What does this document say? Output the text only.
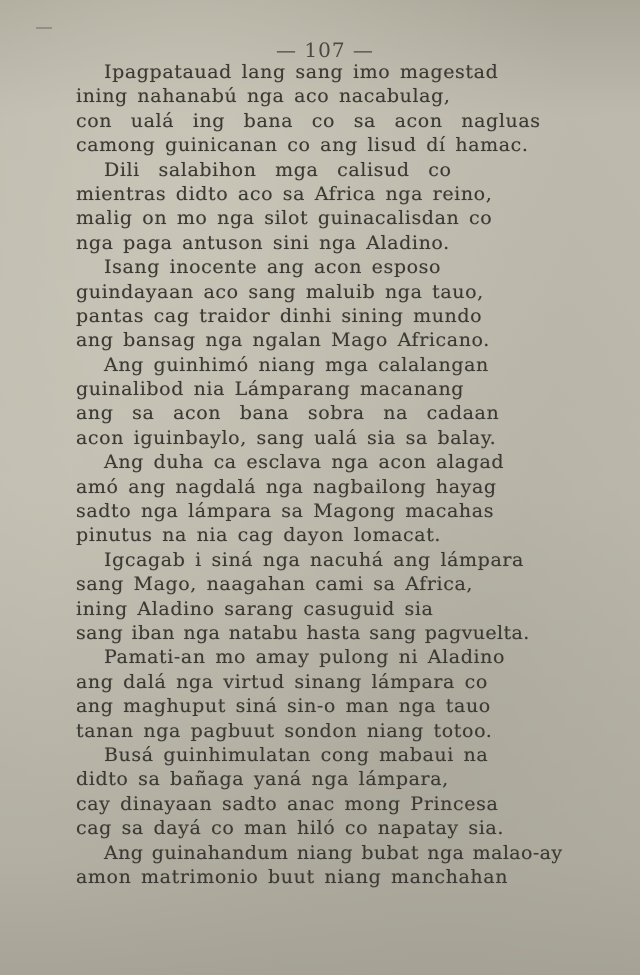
— 107 —
Ipagpatauad lang sang imo magestad
ining nahanabú nga aco nacabulag,
con ualá ing bana co sa acon nagluas
camong guinicanan co ang lisud dí hamac.
Dili salabihon mga calisud co
mientras didto aco sa Africa nga reino,
malig on mo nga silot guinacalisdan co
nga paga antuson sini nga Aladino.
Isang inocente ang acon esposo
guindayaan aco sang maluib nga tauo,
pantas cag traidor dinhi sining mundo
ang bansag nga ngalan Mago Africano.
Ang guinhimó niang mga calalangan
guinalibod nia Lámparang macanang
ang sa acon bana sobra na cadaan
acon iguinbaylo, sang ualá sia sa balay.
Ang duha ca esclava nga acon alagad
amó ang nagdalá nga nagbailong hayag
sadto nga lámpara sa Magong macahas
pinutus na nia cag dayon lomacat.
Igcagab i siná nga nacuhá ang lámpara
sang Mago, naagahan cami sa Africa,
ining Aladino sarang casuguid sia
sang iban nga natabu hasta sang pagvuelta.
Pamati-an mo amay pulong ni Aladino
ang dalá nga virtud sinang lámpara co
ang maghuput siná sin-o man nga tauo
tanan nga pagbuut sondon niang totoo.
Busá guinhimulatan cong mabaui na
didto sa bañaga yaná nga lámpara,
cay dinayaan sadto anac mong Princesa
cag sa dayá co man hiló co napatay sia.
Ang guinahandum niang bubat nga malao-ay
amon matrimonio buut niang manchahan
